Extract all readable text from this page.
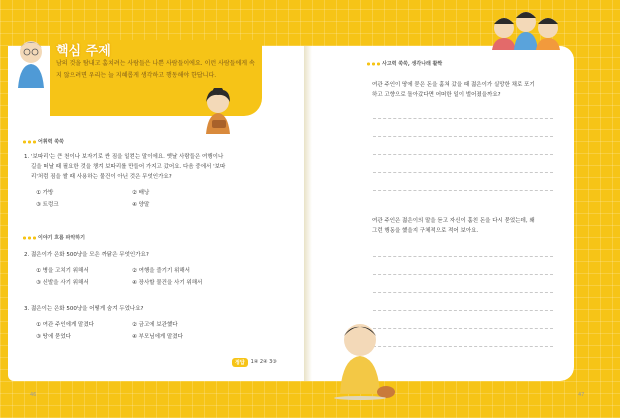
핵심 주제
남의 것을 탐내고 훔치려는 사람들은 나쁜 사람들이에요. 이런 사람들에게 속지 않으려면 우리는 늘 지혜롭게 생각하고 행동해야 한답니다.
어휘력 쑥쑥
1. '보따리'는 큰 천이나 보자기로 싼 짐을 일컫는 말이에요. 옛날 사람들은 여행이나
길을 떠날 때 필요한 것을 챙겨 보따리를 만들어 가지고 갔어요. 다음 중에서 '보따
리'처럼 짐을 쌀 때 사용하는 물건이 아닌 것은 무엇인가요?
① 가방	② 배낭
③ 트렁크	④ 양말
이야기 흐름 파악하기
2. 젊은이가 은화 500냥을 모은 까닭은 무엇인가요?
① 병을 고치기 위해서	② 여행을 즐기기 위해서
③ 신발을 사기 위해서	④ 장사할 물건을 사기 위해서
3. 젊은이는 은화 500냥을 어떻게 숨겨 두었나요?
① 여관 주인에게 맡겼다	② 금고에 보관했다
③ 땅에 묻었다	④ 부모님에게 맡겼다
정답	1④ 2④ 3③
46
사고력 쑥쑥, 생각나래 활짝
여관 주인이 땅에 묻은 돈을 훔쳐 갔을 때 젊은이가 실망한 채로 포기
하고 고향으로 돌아갔다면 어떠한 일이 벌어졌을까요?
여관 주인은 젊은이의 말을 듣고 자신이 훔친 돈을 다시 묻었는데, 왜
그런 행동을 했을지 구체적으로 적어 보아요.
47
